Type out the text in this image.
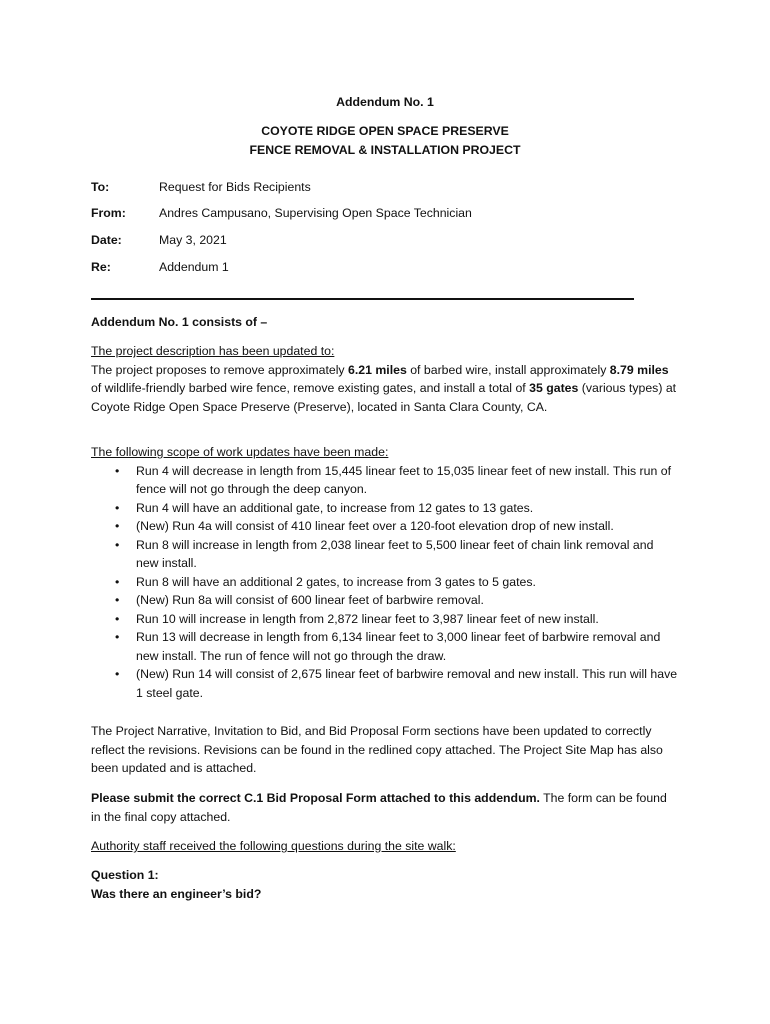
Addendum No. 1
COYOTE RIDGE OPEN SPACE PRESERVE
FENCE REMOVAL & INSTALLATION PROJECT
To:	Request for Bids Recipients
From:	Andres Campusano, Supervising Open Space Technician
Date:	May 3, 2021
Re:	Addendum 1
Addendum No. 1 consists of –
The project description has been updated to:
The project proposes to remove approximately 6.21 miles of barbed wire, install approximately 8.79 miles of wildlife-friendly barbed wire fence, remove existing gates, and install a total of 35 gates (various types) at Coyote Ridge Open Space Preserve (Preserve), located in Santa Clara County, CA.
The following scope of work updates have been made:
• Run 4 will decrease in length from 15,445 linear feet to 15,035 linear feet of new install. This run of fence will not go through the deep canyon.
• Run 4 will have an additional gate, to increase from 12 gates to 13 gates.
• (New) Run 4a will consist of 410 linear feet over a 120-foot elevation drop of new install.
• Run 8 will increase in length from 2,038 linear feet to 5,500 linear feet of chain link removal and new install.
• Run 8 will have an additional 2 gates, to increase from 3 gates to 5 gates.
• (New) Run 8a will consist of 600 linear feet of barbwire removal.
• Run 10 will increase in length from 2,872 linear feet to 3,987 linear feet of new install.
• Run 13 will decrease in length from 6,134 linear feet to 3,000 linear feet of barbwire removal and new install. The run of fence will not go through the draw.
• (New) Run 14 will consist of 2,675 linear feet of barbwire removal and new install. This run will have 1 steel gate.
The Project Narrative, Invitation to Bid, and Bid Proposal Form sections have been updated to correctly reflect the revisions. Revisions can be found in the redlined copy attached. The Project Site Map has also been updated and is attached.
Please submit the correct C.1 Bid Proposal Form attached to this addendum. The form can be found in the final copy attached.
Authority staff received the following questions during the site walk:
Question 1:
Was there an engineer’s bid?
